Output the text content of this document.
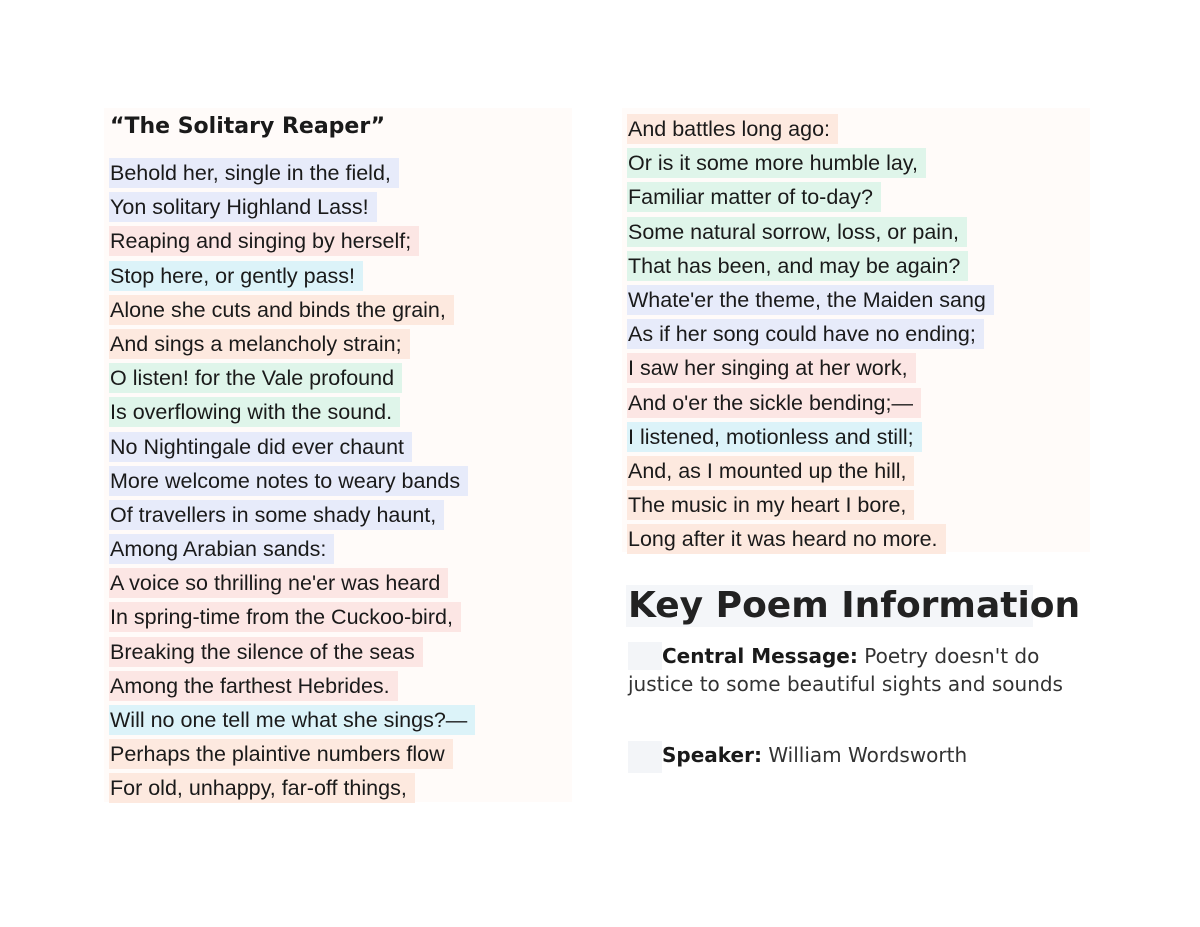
“The Solitary Reaper”
Behold her, single in the field,
Yon solitary Highland Lass!
Reaping and singing by herself;
Stop here, or gently pass!
Alone she cuts and binds the grain,
And sings a melancholy strain;
O listen! for the Vale profound
Is overflowing with the sound.
No Nightingale did ever chaunt
More welcome notes to weary bands
Of travellers in some shady haunt,
Among Arabian sands:
A voice so thrilling ne'er was heard
In spring-time from the Cuckoo-bird,
Breaking the silence of the seas
Among the farthest Hebrides.
Will no one tell me what she sings?—
Perhaps the plaintive numbers flow
For old, unhappy, far-off things,
And battles long ago:
Or is it some more humble lay,
Familiar matter of to-day?
Some natural sorrow, loss, or pain,
That has been, and may be again?
Whate'er the theme, the Maiden sang
As if her song could have no ending;
I saw her singing at her work,
And o'er the sickle bending;—
I listened, motionless and still;
And, as I mounted up the hill,
The music in my heart I bore,
Long after it was heard no more.
Key Poem Information
Central Message: Poetry doesn't do justice to some beautiful sights and sounds
Speaker: William Wordsworth
